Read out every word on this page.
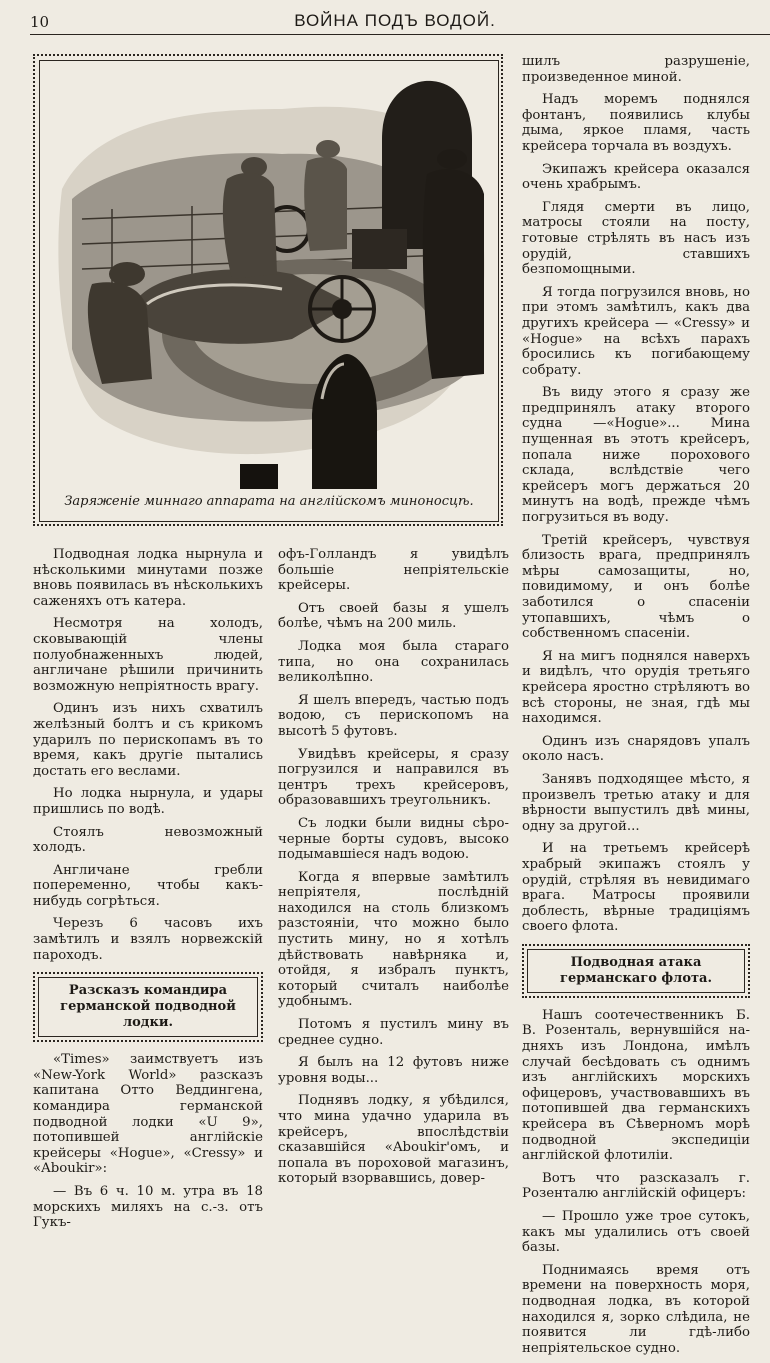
10	ВОЙНА ПОДЪ ВОДОЙ.
Заряженіе миннаго аппарата на англійскомъ миноносцѣ.

Подводная лодка нырнула и нѣсколькими минутами позже вновь появилась въ нѣсколькихъ саженяхъ отъ катера.

Несмотря на холодъ, сковывающій члены полуобнаженныхъ людей, англичане рѣшили причинить возможную непріятность врагу.

Одинъ изъ нихъ схватилъ желѣзный болтъ и съ крикомъ ударилъ по перископамъ въ то время, какъ другіе пытались достать его веслами.

Но лодка нырнула, и удары пришлись по водѣ.

Стоялъ невозможный холодъ.

Англичане гребли попеременно, чтобы какъ-нибудь согрѣться.

Черезъ 6 часовъ ихъ замѣтилъ и взялъ норвежскій пароходъ.

Разсказъ командира германской подводной лодки.

«Times» заимствуетъ изъ «New-York World» разсказъ капитана Отто Веддингена, командира германской подводной лодки «U 9», потопившей англійскіе крейсеры «Hogue», «Cressy» и «Aboukir»:

— Въ 6 ч. 10 м. утра въ 18 морскихъ миляхъ на с.-з. отъ Гукъ-

офъ-Голландъ я увидѣлъ большіе непріятельскіе крейсеры.

Отъ своей базы я ушелъ болѣе, чѣмъ на 200 миль.

Лодка моя была стараго типа, но она сохранилась великолѣпно.

Я шелъ впередъ, частью подъ водою, съ перископомъ на высотѣ 5 футовъ.

Увидѣвъ крейсеры, я сразу погрузился и направился въ центръ трехъ крейсеровъ, образовавшихъ треугольникъ.

Съ лодки были видны сѣро-черные борты судовъ, высоко подымавшіеся надъ водою.

Когда я впервые замѣтилъ непріятеля, послѣдній находился на столь близкомъ разстояніи, что можно было пустить мину, но я хотѣлъ дѣйствовать навѣрняка и, отойдя, я избралъ пунктъ, который считалъ наиболѣе удобнымъ.

Потомъ я пустилъ мину въ среднее судно.

Я былъ на 12 футовъ ниже уровня воды...

Поднявъ лодку, я убѣдился, что мина удачно ударила въ крейсеръ, впослѣдствіи сказавшійся «Aboukir'омъ, и попала въ пороховой магазинъ, который взорвавшись, довер-

шилъ разрушеніе, произведенное миной.

Надъ моремъ поднялся фонтанъ, появились клубы дыма, яркое пламя, часть крейсера торчала въ воздухъ.

Экипажъ крейсера оказался очень храбрымъ.

Глядя смерти въ лицо, матросы стояли на посту, готовые стрѣлять въ насъ изъ орудій, ставшихъ безпомощными.

Я тогда погрузился вновь, но при этомъ замѣтилъ, какъ два другихъ крейсера — «Cressy» и «Hogue» на всѣхъ парахъ бросились къ погибающему собрату.

Въ виду этого я сразу же предпринялъ атаку второго судна —«Hogue»... Мина пущенная въ этотъ крейсеръ, попала ниже порохового склада, вслѣдствіе чего крейсеръ могъ держаться 20 минутъ на водѣ, прежде чѣмъ погрузиться въ воду.

Третій крейсеръ, чувствуя близость врага, предпринялъ мѣры самозащиты, но, повидимому, и онъ болѣе заботился о спасеніи утопавшихъ, чѣмъ о собственномъ спасеніи.

Я на мигъ поднялся наверхъ и видѣлъ, что орудія третьяго крейсера яростно стрѣляютъ во всѣ стороны, не зная, гдѣ мы находимся.

Одинъ изъ снарядовъ упалъ около насъ.

Занявъ подходящее мѣсто, я произвелъ третью атаку и для вѣрности выпустилъ двѣ мины, одну за другой...

И на третьемъ крейсерѣ храбрый экипажъ стоялъ у орудій, стрѣляя въ невидимаго врага. Матросы проявили доблесть, вѣрные традиціямъ своего флота.

Подводная атака германскаго флота.

Нашъ соотечественникъ Б. В. Розенталь, вернувшійся на-дняхъ изъ Лондона, имѣлъ случай бесѣдовать съ однимъ изъ англійскихъ морскихъ офицеровъ, участвовавшихъ въ потопившей два германскихъ крейсера въ Сѣверномъ морѣ подводной экспедиціи англійской флотиліи.

Вотъ что разсказалъ г. Розенталю англійскій офицеръ:

— Прошло уже трое сутокъ, какъ мы удалились отъ своей базы.

Поднимаясь время отъ времени на поверхность моря, подводная лодка, въ которой находился я, зорко слѣдила, не появится ли гдѣ-либо непріятельское судно.
